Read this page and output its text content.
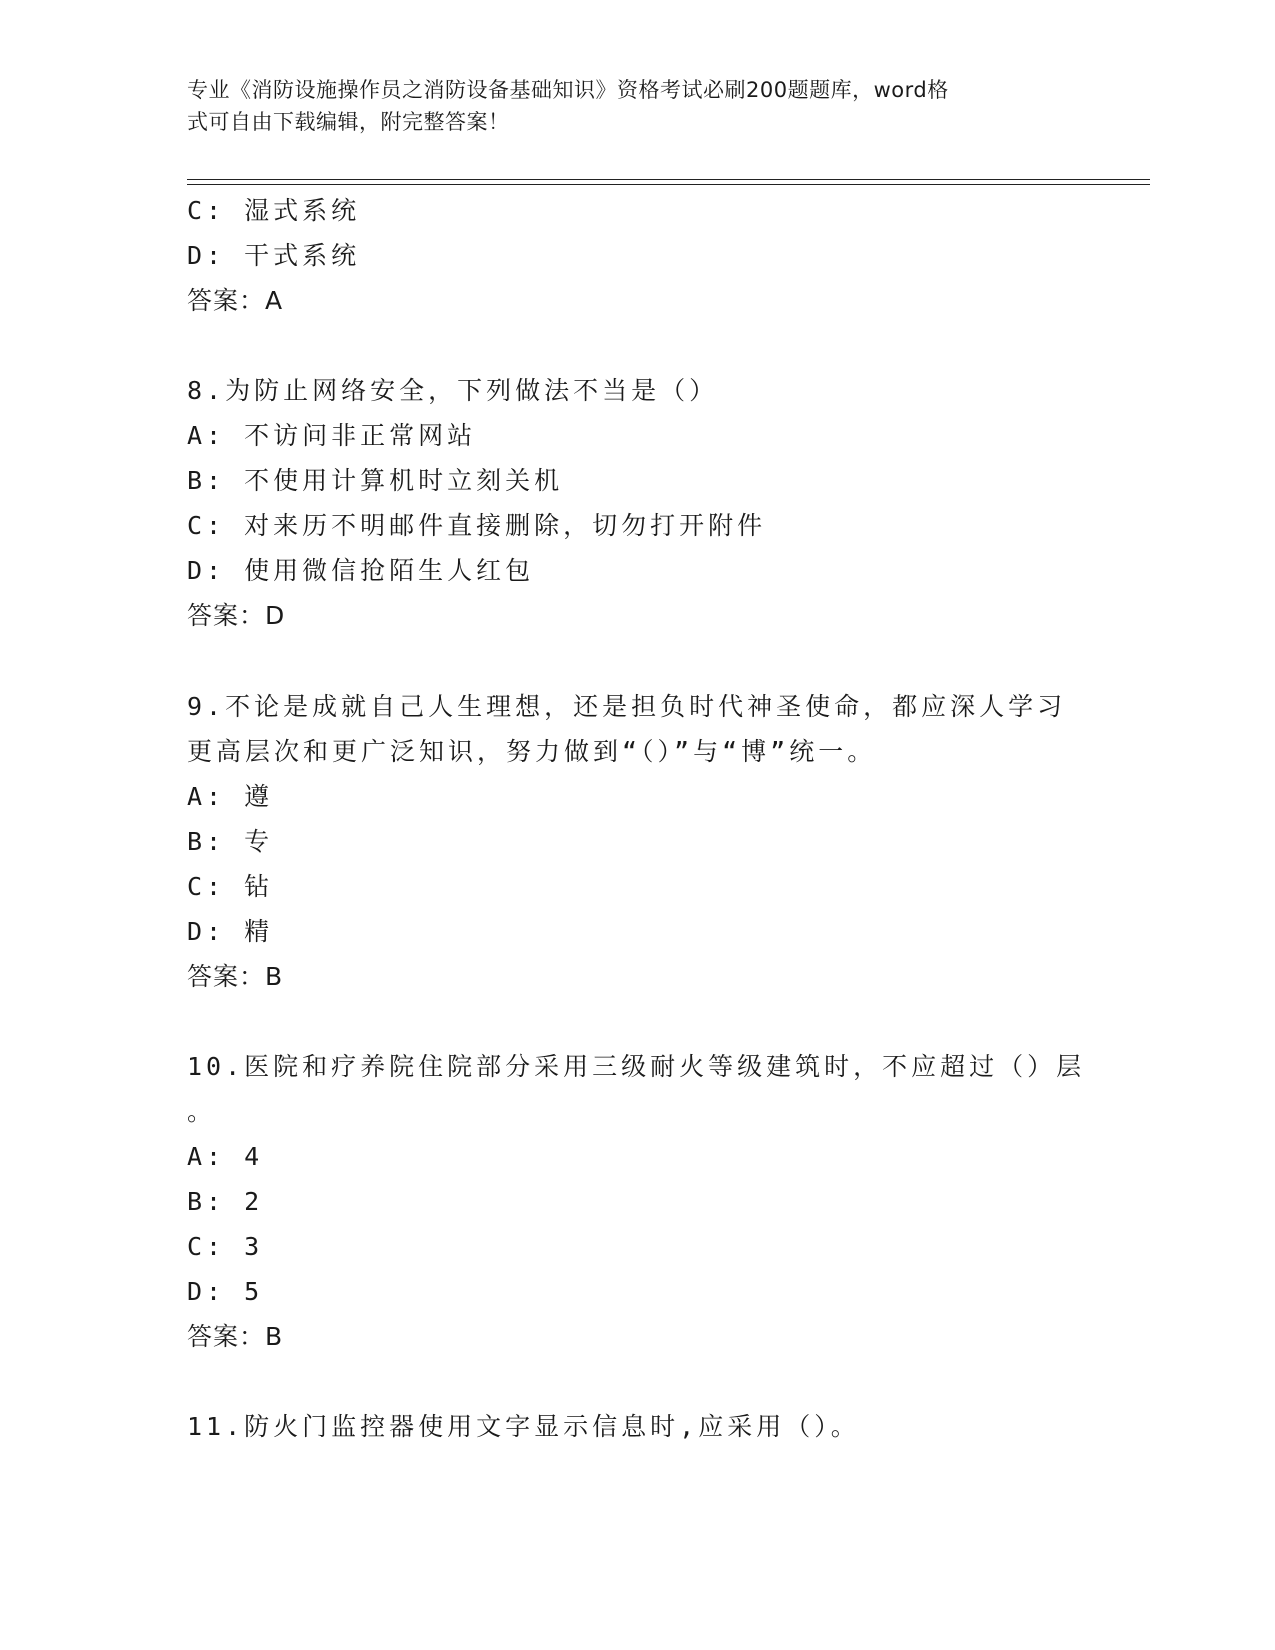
专业《消防设施操作员之消防设备基础知识》资格考试必刷200题题库，word格
式可自由下载编辑，附完整答案！
C: 湿式系统
D: 干式系统
答案：A
8.为防止网络安全，下列做法不当是（）
A: 不访问非正常网站
B: 不使用计算机时立刻关机
C: 对来历不明邮件直接删除，切勿打开附件
D: 使用微信抢陌生人红包
答案：D
9.不论是成就自己人生理想，还是担负时代神圣使命，都应深人学习
更高层次和更广泛知识，努力做到“（）”与“博”统一。
A: 遵
B: 专
C: 钻
D: 精
答案：B
10.医院和疗养院住院部分采用三级耐火等级建筑时，不应超过（）层
。
A: 4
B: 2
C: 3
D: 5
答案：B
11.防火门监控器使用文字显示信息时,应采用（）。
